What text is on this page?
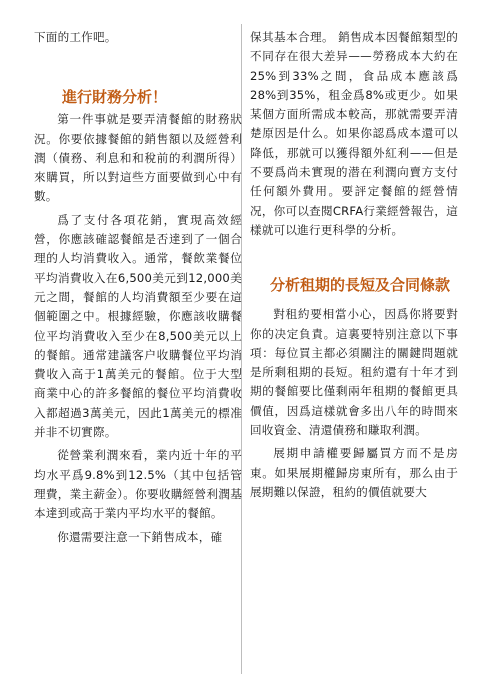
下面的工作吧。

進行財務分析！

第一件事就是要弄清餐館的財務狀況。你要依據餐館的銷售額以及經營利潤（債務、利息和和稅前的利潤所得）來購買，所以對這些方面要做到心中有數。

爲了支付各項花銷，實現高效經營，你應該確認餐館是否達到了一個合理的人均消費收入。通常，餐飲業餐位平均消費收入在6,500美元到12,000美元之間，餐館的人均消費額至少要在這個範圍之中。根據經驗，你應該收購餐位平均消費收入至少在8,500美元以上的餐館。通常建議客户收購餐位平均消費收入高于1萬美元的餐館。位于大型商業中心的許多餐館的餐位平均消費收入都超過3萬美元，因此1萬美元的標准并非不切實際。

從營業利潤來看，業内近十年的平均水平爲9.8%到12.5%（其中包括管理費，業主薪金）。你要收購經營利潤基本達到或高于業内平均水平的餐館。

你還需要注意一下銷售成本，確

保其基本合理。 銷售成本因餐館類型的不同存在很大差异——勞務成本大約在25%到33%之間，食品成本應該爲28%到35%，租金爲8%或更少。如果某個方面所需成本較高，那就需要弄清楚原因是什么。如果你認爲成本還可以降低，那就可以獲得額外紅利——但是不要爲尚未實現的潜在利潤向賣方支付任何額外費用。要評定餐館的經營情况，你可以查閱CRFA行業經營報告，這樣就可以進行更科學的分析。

分析租期的長短及合同條款

對租約要相當小心，因爲你將要對你的决定負責。這裏要特别注意以下事項：每位買主都必須關注的關鍵問題就是所剩租期的長短。租約還有十年才到期的餐館要比僅剩兩年租期的餐館更具價值，因爲這樣就會多出八年的時間來回收資金、清還債務和賺取利潤。

展期申請權要歸屬買方而不是房東。如果展期權歸房東所有，那么由于展期難以保證，租約的價值就要大
